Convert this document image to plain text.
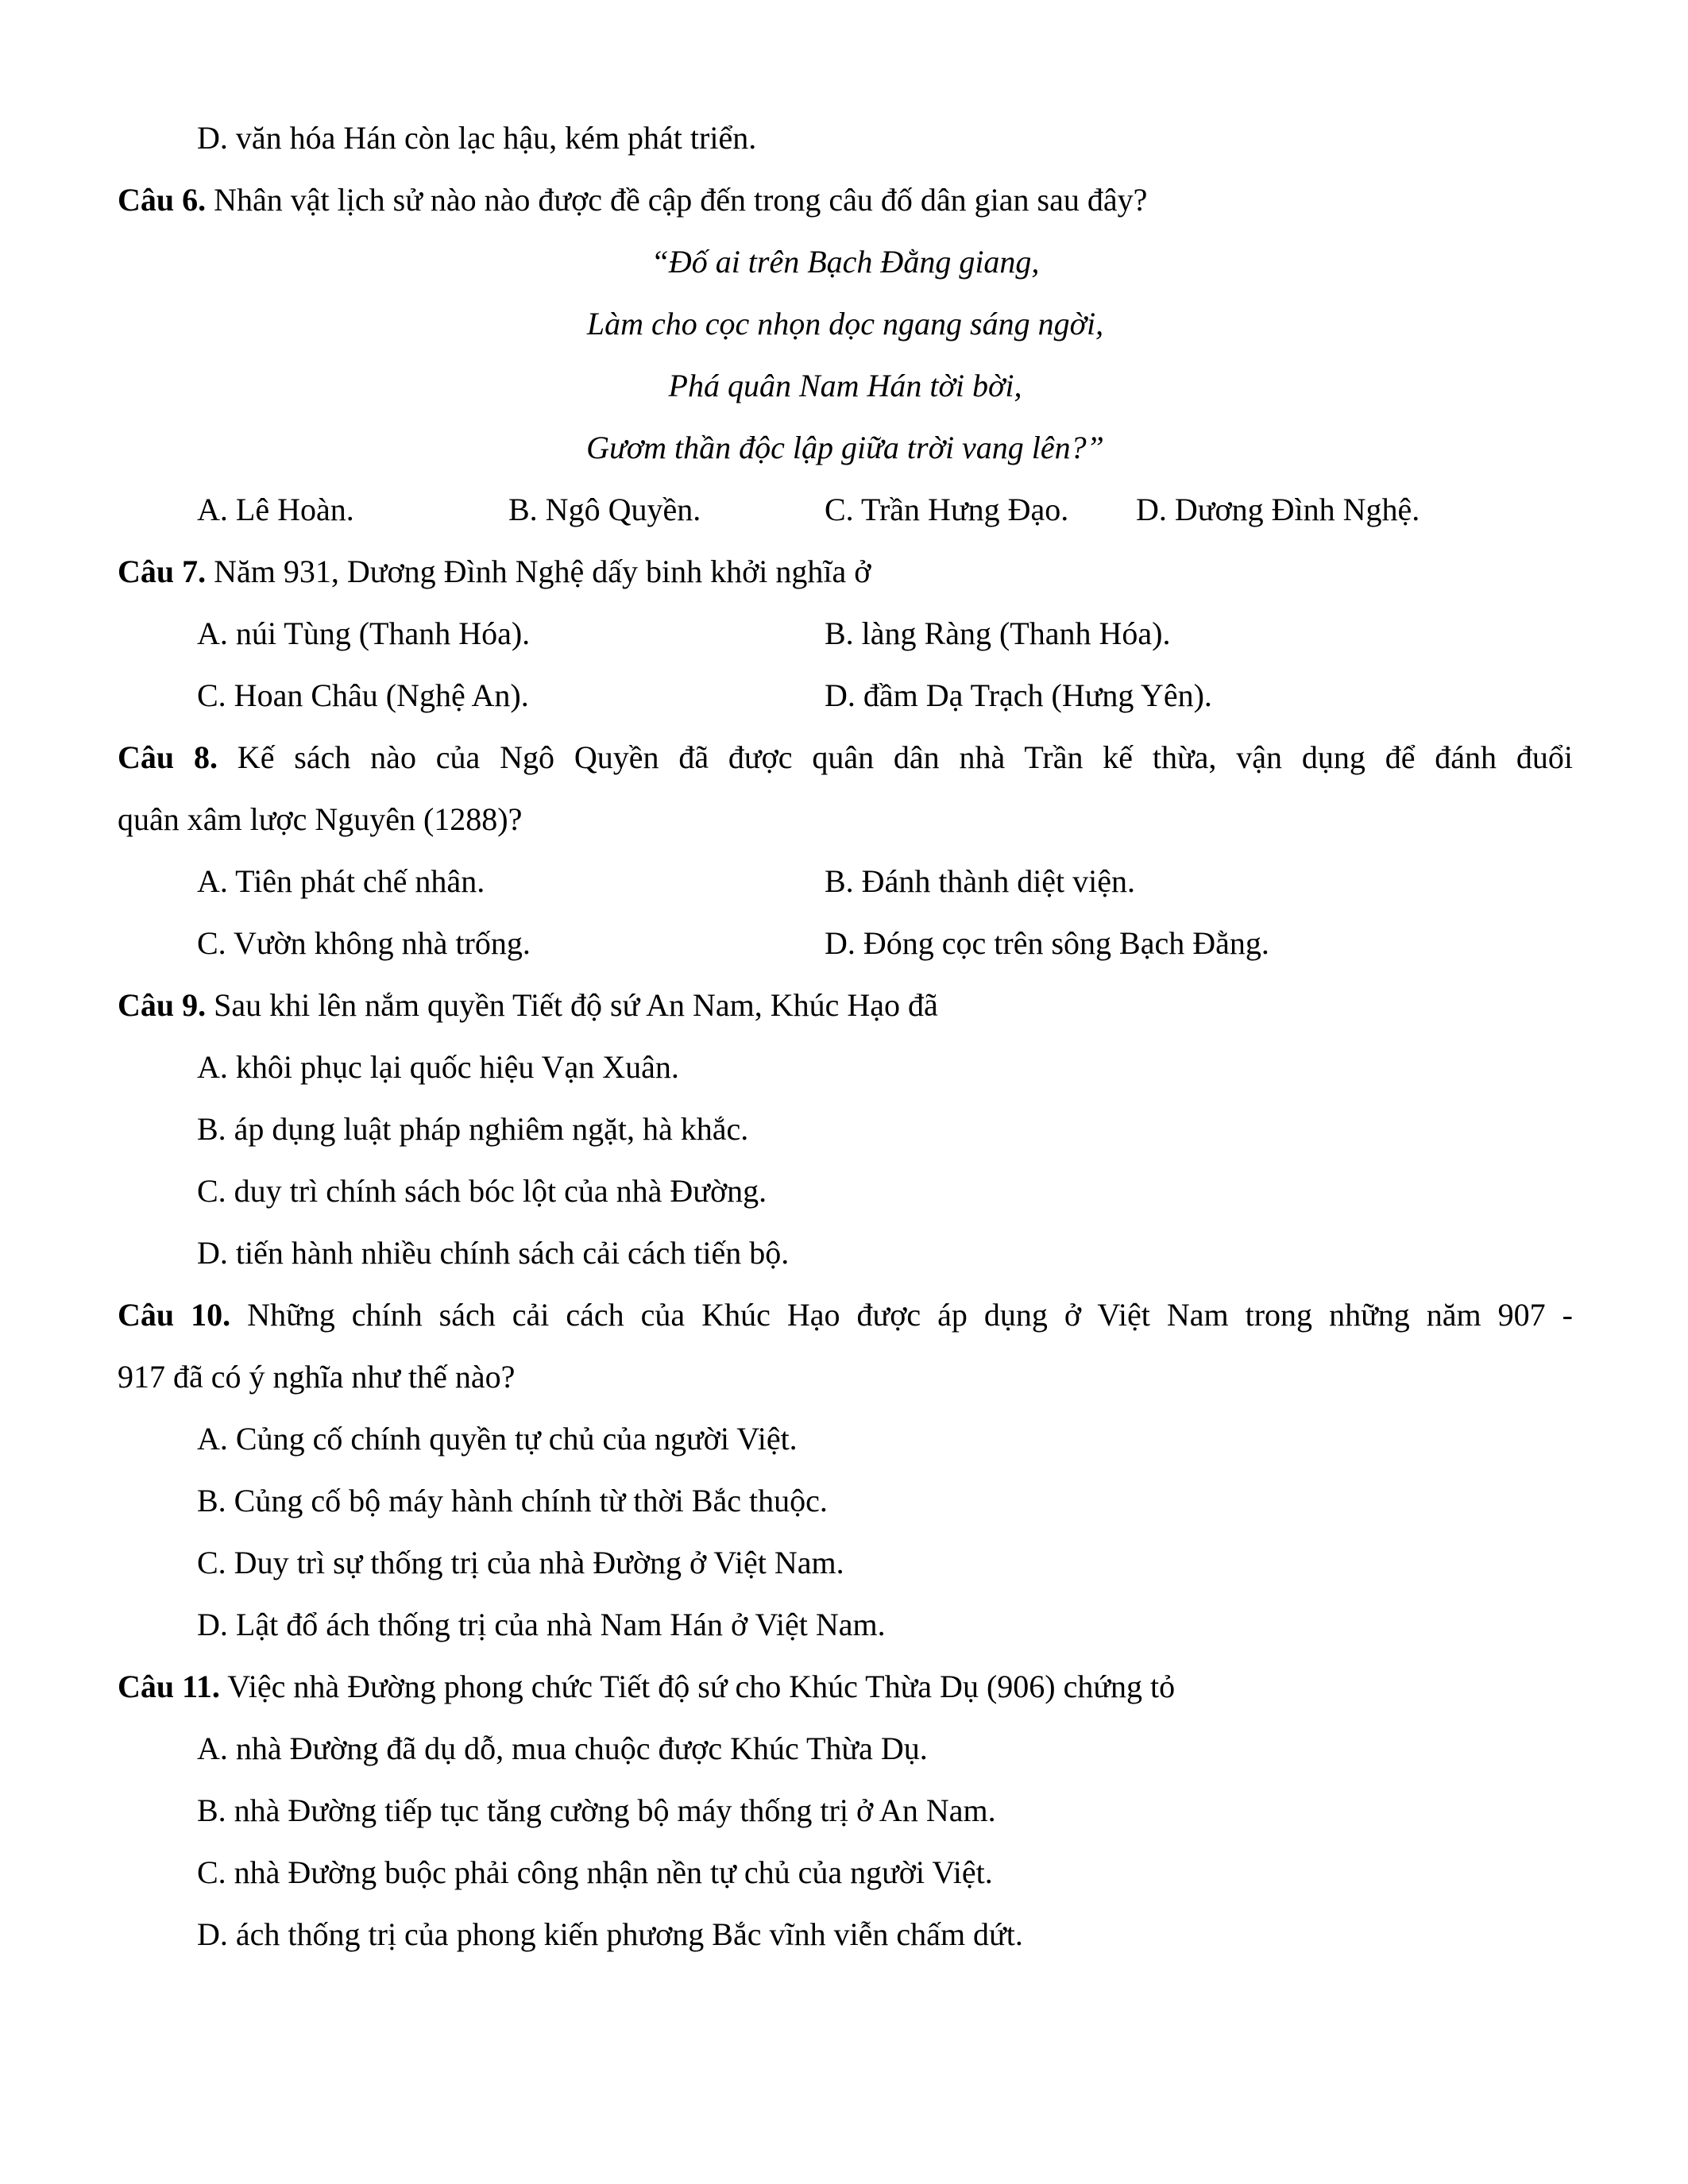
D. văn hóa Hán còn lạc hậu, kém phát triển.
Câu 6. Nhân vật lịch sử nào nào được đề cập đến trong câu đố dân gian sau đây?
“Đố ai trên Bạch Đằng giang,
Làm cho cọc nhọn dọc ngang sáng ngời,
Phá quân Nam Hán tời bời,
Gươm thần độc lập giữa trời vang lên?”
A. Lê Hoàn.	B. Ngô Quyền.	C. Trần Hưng Đạo. D. Dương Đình Nghệ.
Câu 7. Năm 931, Dương Đình Nghệ dấy binh khởi nghĩa ở
A. núi Tùng (Thanh Hóa).	B. làng Ràng (Thanh Hóa).
C. Hoan Châu (Nghệ An).	D. đầm Dạ Trạch (Hưng Yên).
Câu 8. Kế sách nào của Ngô Quyền đã được quân dân nhà Trần kế thừa, vận dụng để đánh đuổi
quân xâm lược Nguyên (1288)?
A. Tiên phát chế nhân.	B. Đánh thành diệt viện.
C. Vườn không nhà trống.	D. Đóng cọc trên sông Bạch Đằng.
Câu 9. Sau khi lên nắm quyền Tiết độ sứ An Nam, Khúc Hạo đã
A. khôi phục lại quốc hiệu Vạn Xuân.
B. áp dụng luật pháp nghiêm ngặt, hà khắc.
C. duy trì chính sách bóc lột của nhà Đường.
D. tiến hành nhiều chính sách cải cách tiến bộ.
Câu 10. Những chính sách cải cách của Khúc Hạo được áp dụng ở Việt Nam trong những năm 907 -
917 đã có ý nghĩa như thế nào?
A. Củng cố chính quyền tự chủ của người Việt.
B. Củng cố bộ máy hành chính từ thời Bắc thuộc.
C. Duy trì sự thống trị của nhà Đường ở Việt Nam.
D. Lật đổ ách thống trị của nhà Nam Hán ở Việt Nam.
Câu 11. Việc nhà Đường phong chức Tiết độ sứ cho Khúc Thừa Dụ (906) chứng tỏ
A. nhà Đường đã dụ dỗ, mua chuộc được Khúc Thừa Dụ.
B. nhà Đường tiếp tục tăng cường bộ máy thống trị ở An Nam.
C. nhà Đường buộc phải công nhận nền tự chủ của người Việt.
D. ách thống trị của phong kiến phương Bắc vĩnh viễn chấm dứt.
